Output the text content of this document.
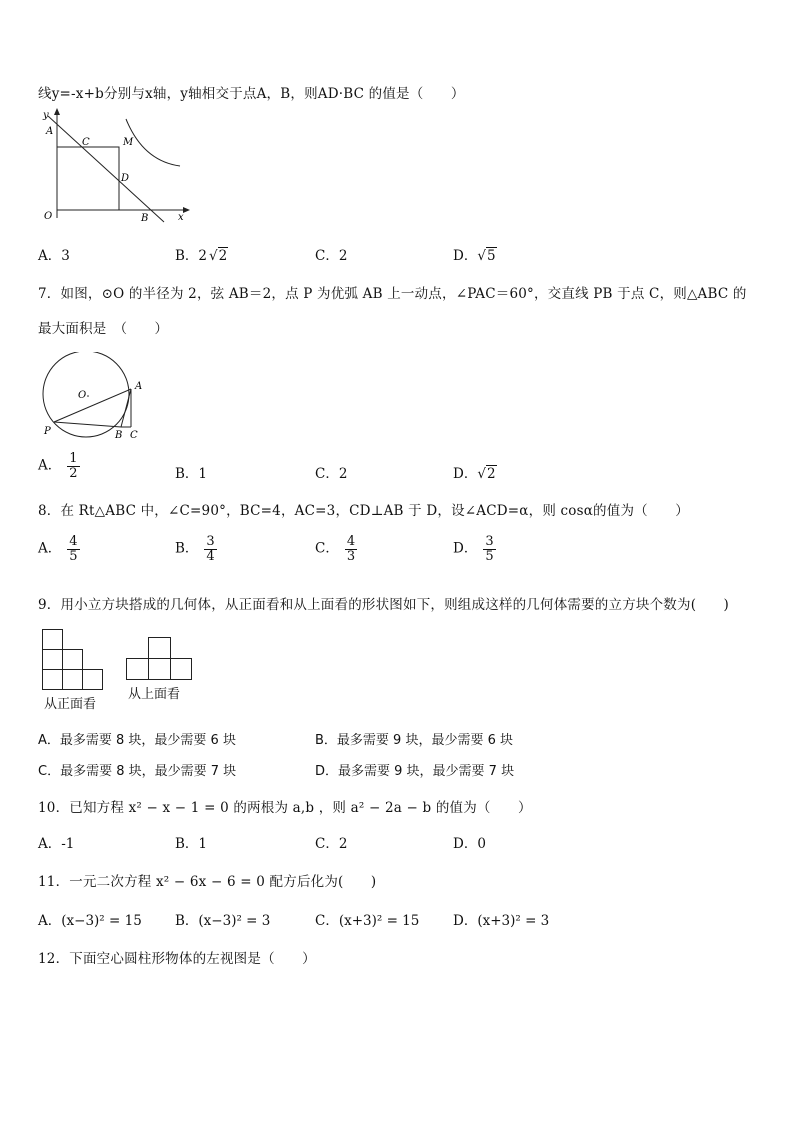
线y=-x+b分别与x轴，y轴相交于点A，B，则AD·BC 的值是（　　）
y
A
C	M
D
O	B	x
A．3	B．2 √2	C．2	D．√5
7．如图，⊙O 的半径为 2，弦 AB＝2，点 P 为优弧 AB 上一动点，∠PAC＝60°，交直线 PB 于点 C，则△ABC 的
最大面积是　（　　）
O
A
P	B C
A． $\frac{1}{2}$	B．1	C．2	D．√2
8．在 Rt△ABC 中，∠C=90°，BC=4，AC=3，CD⊥AB 于 D，设∠ACD=α，则 cosα的值为（　　）
A． $\frac{4}{5}$	B． $\frac{3}{4}$	C． $\frac{4}{3}$	D． $\frac{3}{5}$
9．用小立方块搭成的几何体，从正面看和从上面看的形状图如下，则组成这样的几何体需要的立方块个数为(　　)
从正面看
从上面看
A．最多需要 8 块，最少需要 6 块	B．最多需要 9 块，最少需要 6 块
C．最多需要 8 块，最少需要 7 块	D．最多需要 9 块，最少需要 7 块
10．已知方程 x² − x − 1 = 0 的两根为 a,b ，则 a² − 2a − b 的值为（　　）
A．-1	B．1	C．2	D．0
11．一元二次方程 x² − 6x − 6 = 0 配方后化为(　　)
A．(x−3)² = 15 B．(x−3)² = 3	C．(x+3)² = 15 D．(x+3)² = 3
12．下面空心圆柱形物体的左视图是（　　）
